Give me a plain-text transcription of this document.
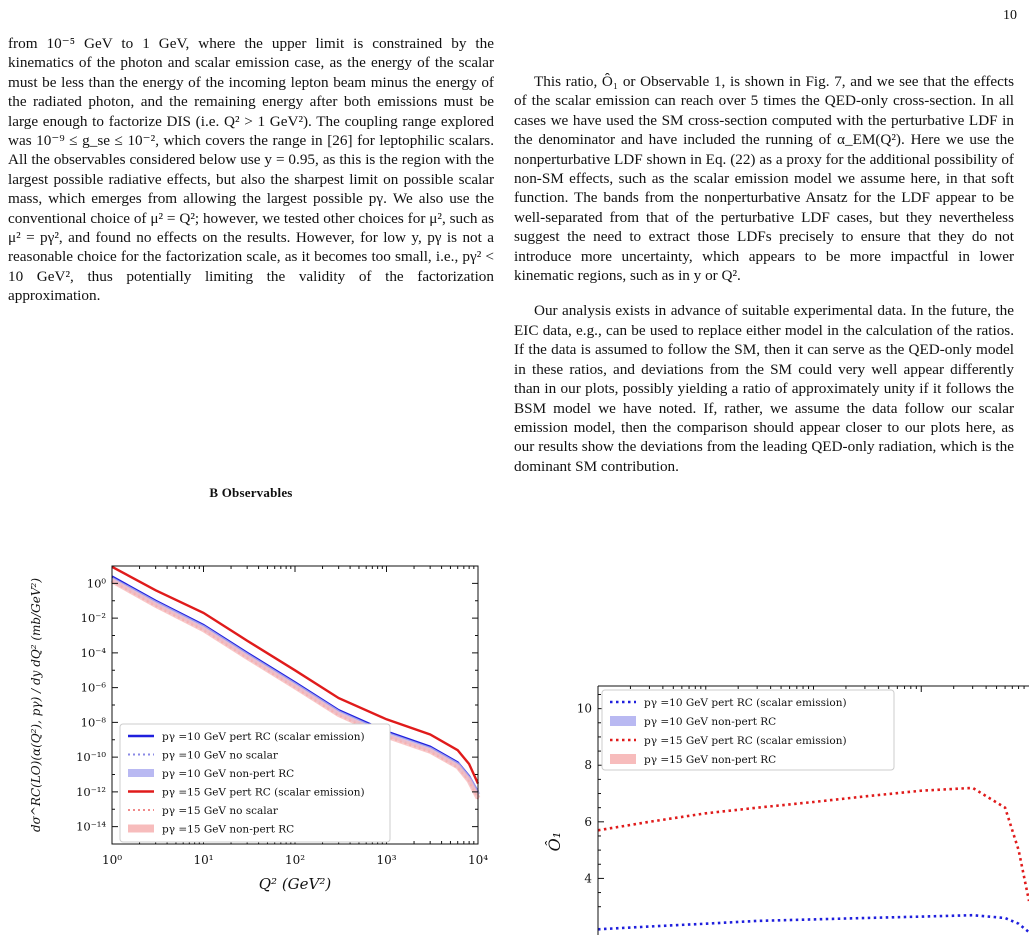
10

from 10⁻⁵ GeV to 1 GeV, where the upper limit is constrained by the kinematics of the photon and scalar emission case, as the energy of the scalar must be less than the energy of the incoming lepton beam minus the energy of the radiated photon, and the remaining energy after both emissions must be large enough to factorize DIS (i.e. Q² > 1 GeV²). The coupling range explored was 10⁻⁹ ≤ g_se ≤ 10⁻², which covers the range in [26] for leptophilic scalars. All the observables considered below use y = 0.95, as this is the region with the largest possible radiative effects, but also the sharpest limit on possible scalar mass, which emerges from allowing the largest possible pγ. We also use the conventional choice of μ² = Q²; however, we tested other choices for μ², such as μ² = pγ², and found no effects on the results. However, for low y, pγ is not a reasonable choice for the factorization scale, as it becomes too small, i.e., pγ² < 10 GeV², thus potentially limiting the validity of the factorization approximation.

B Observables

This ratio, Ô₁ or Observable 1, is shown in Fig. 7, and we see that the effects of the scalar emission can reach over 5 times the QED-only cross-section. In all cases we have used the SM cross-section computed with the perturbative LDF in the denominator and have included the running of α_EM(Q²). Here we use the nonperturbative LDF shown in Eq. (22) as a proxy for the additional possibility of non-SM effects, such as the scalar emission model we assume here, in that soft function. The bands from the nonperturbative Ansatz for the LDF appear to be well-separated from that of the perturbative LDF cases, but they nevertheless suggest the need to extract those LDFs precisely to ensure that they do not introduce more uncertainty, which appears to be more impactful in lower kinematic regions, such as in y or Q².

Our analysis exists in advance of suitable experimental data. In the future, the EIC data, e.g., can be used to replace either model in the calculation of the ratios. If the data is assumed to follow the SM, then it can serve as the QED-only model in these ratios, and deviations from the SM could very well appear differently than in our plots, possibly yielding a ratio of approximately unity if it follows the BSM model we have noted. If, rather, we assume the data follow our scalar emission model, then the comparison should appear closer to our plots here, as our results show the deviations from the leading QED-only radiation, which is the dominant SM contribution.

10⁰	10¹	10²	10³	10⁴
10⁰
10⁻²
10⁻⁴
10⁻⁶
10⁻⁸
10⁻¹⁰
10⁻¹²
10⁻¹⁴
Q² (GeV²)
dσ^RC(LO)(α(Q²), pγ) / dy dQ² (mb/GeV²)	pγ =10 GeV pert RC (scalar emission)
pγ =10 GeV no scalar
pγ =10 GeV non-pert RC
pγ =15 GeV pert RC (scalar emission)
pγ =15 GeV no scalar
pγ =15 GeV non-pert RC
10
8
6
4
Ô₁
pγ =10 GeV pert RC (scalar emission)
pγ =10 GeV non-pert RC
pγ =15 GeV pert RC (scalar emission)
pγ =15 GeV non-pert RC
